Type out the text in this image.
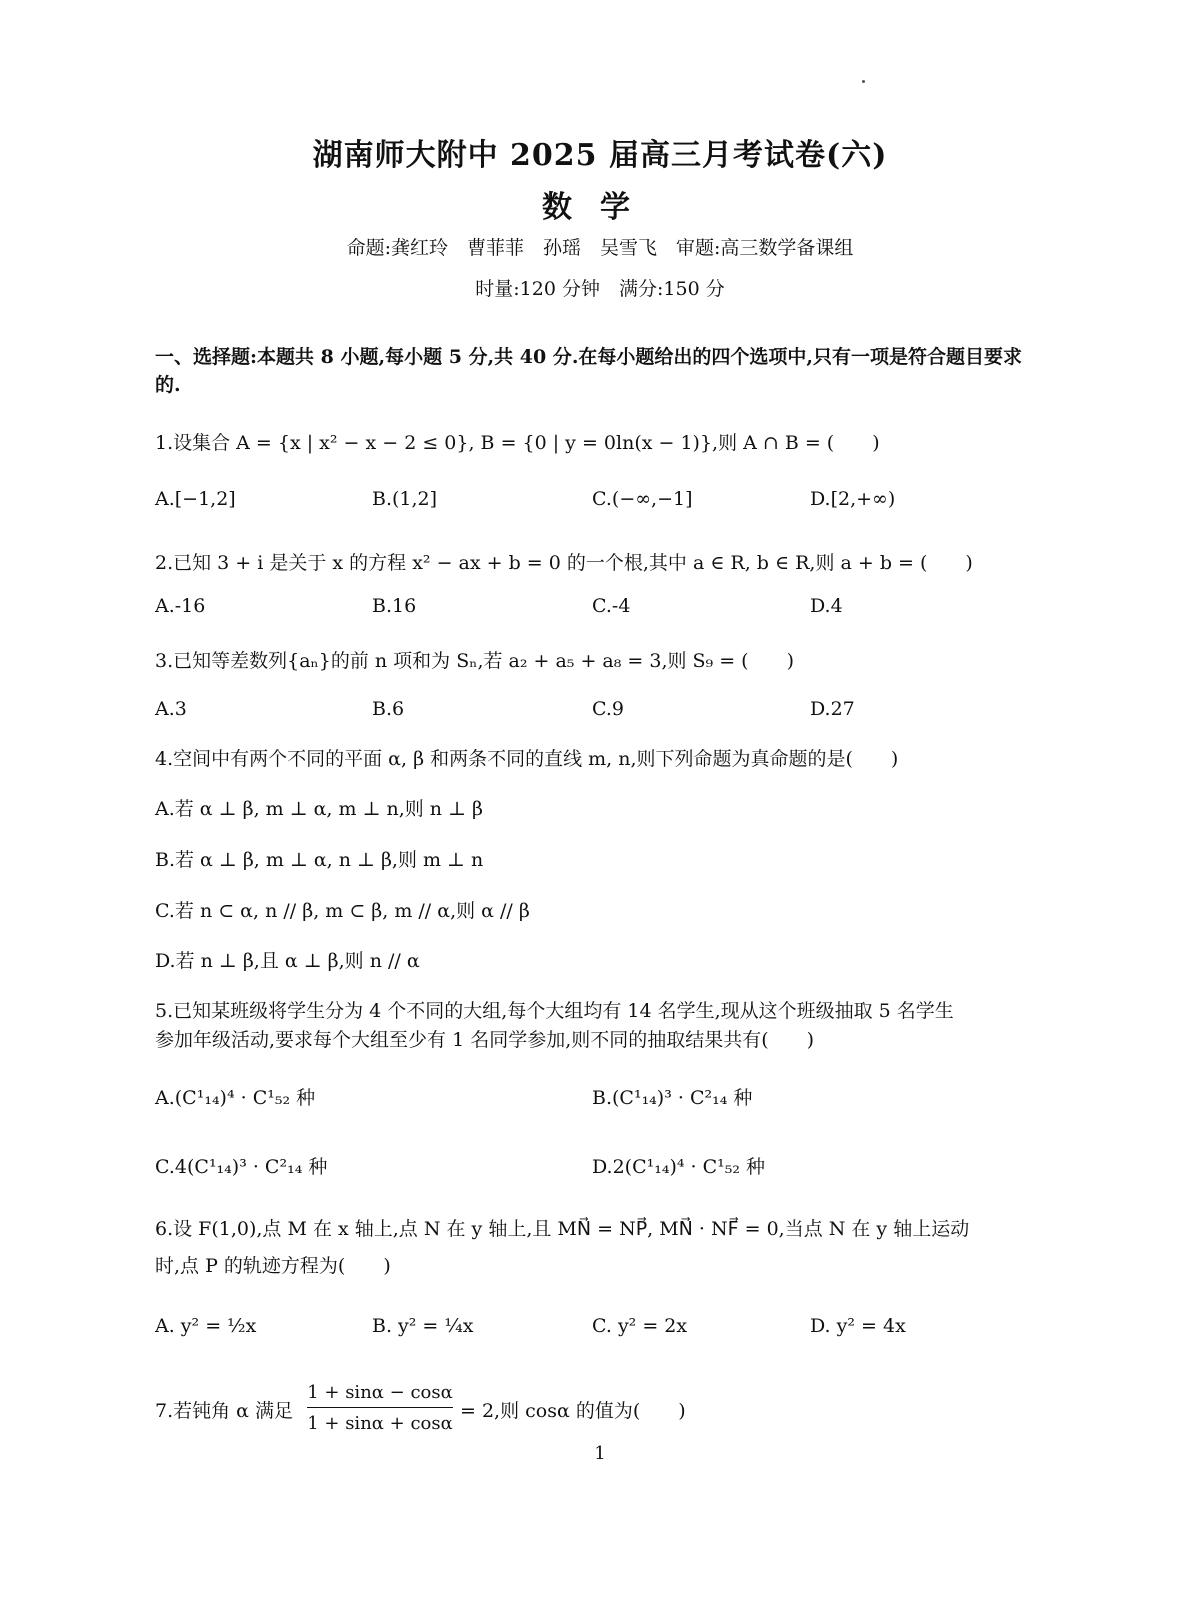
湖南师大附中 2025 届高三月考试卷(六)
数学
命题:龚红玲　曹菲菲　孙瑶　吴雪飞　审题:高三数学备课组
时量:120 分钟　满分:150 分
一、选择题:本题共 8 小题,每小题 5 分,共 40 分.在每小题给出的四个选项中,只有一项是符合题目要求的.
1.设集合 A = {x | x² − x − 2 ≤ 0}, B = {0 | y = 0ln(x − 1)},则 A ∩ B = (　　)
A.[−1,2]	B.(1,2]	C.(−∞,−1]	D.[2,+∞)
2.已知 3 + i 是关于 x 的方程 x² − ax + b = 0 的一个根,其中 a ∈ R, b ∈ R,则 a + b = (　　)
A.-16	B.16	C.-4	D.4
3.已知等差数列{aₙ}的前 n 项和为 Sₙ,若 a₂ + a₅ + a₈ = 3,则 S₉ = (　　)
A.3	B.6	C.9	D.27
4.空间中有两个不同的平面 α, β 和两条不同的直线 m, n,则下列命题为真命题的是(　　)
A.若 α ⊥ β, m ⊥ α, m ⊥ n,则 n ⊥ β
B.若 α ⊥ β, m ⊥ α, n ⊥ β,则 m ⊥ n
C.若 n ⊂ α, n // β, m ⊂ β, m // α,则 α // β
D.若 n ⊥ β,且 α ⊥ β,则 n // α
5.已知某班级将学生分为 4 个不同的大组,每个大组均有 14 名学生,现从这个班级抽取 5 名学生
参加年级活动,要求每个大组至少有 1 名同学参加,则不同的抽取结果共有(　　)
A.(C¹₁₄)⁴ · C¹₅₂ 种	B.(C¹₁₄)³ · C²₁₄ 种
C.4(C¹₁₄)³ · C²₁₄ 种	D.2(C¹₁₄)⁴ · C¹₅₂ 种
6.设 F(1,0),点 M 在 x 轴上,点 N 在 y 轴上,且 MN⃗ = NP⃗, MN⃗ · NF⃗ = 0,当点 N 在 y 轴上运动
时,点 P 的轨迹方程为(　　)
A. y² = ½x	B. y² = ¼x	C. y² = 2x	D. y² = 4x
7.若钝角 α 满足
1 + sinα − cosα
1 + sinα + cosα
= 2,则 cosα 的值为(　　)
1
